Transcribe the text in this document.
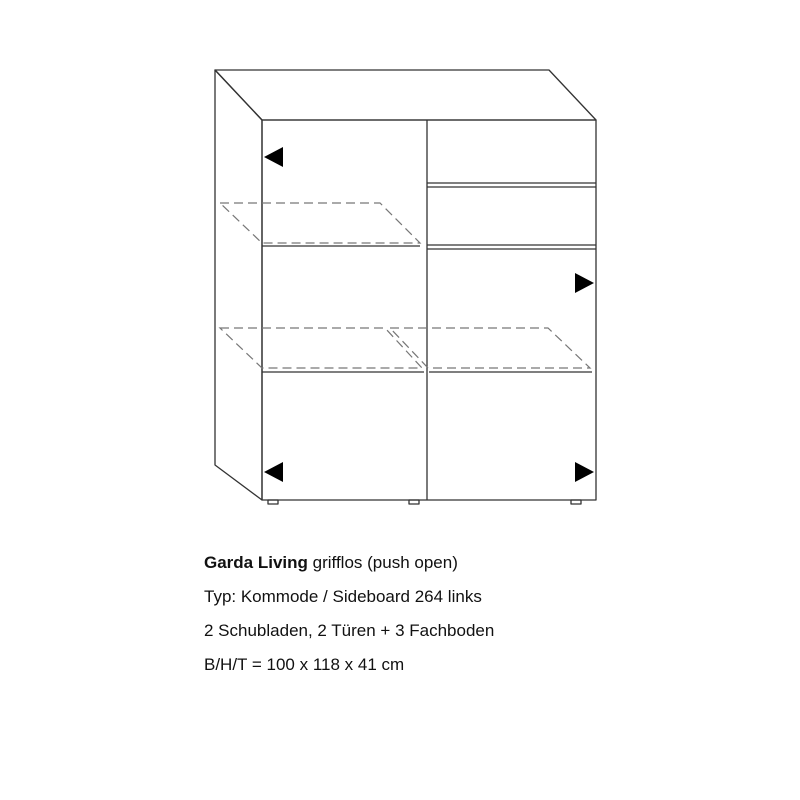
Garda Living grifflos (push open)
Typ: Kommode / Sideboard 264 links
2 Schubladen, 2 Türen + 3 Fachboden
B/H/T = 100 x 118 x 41 cm
